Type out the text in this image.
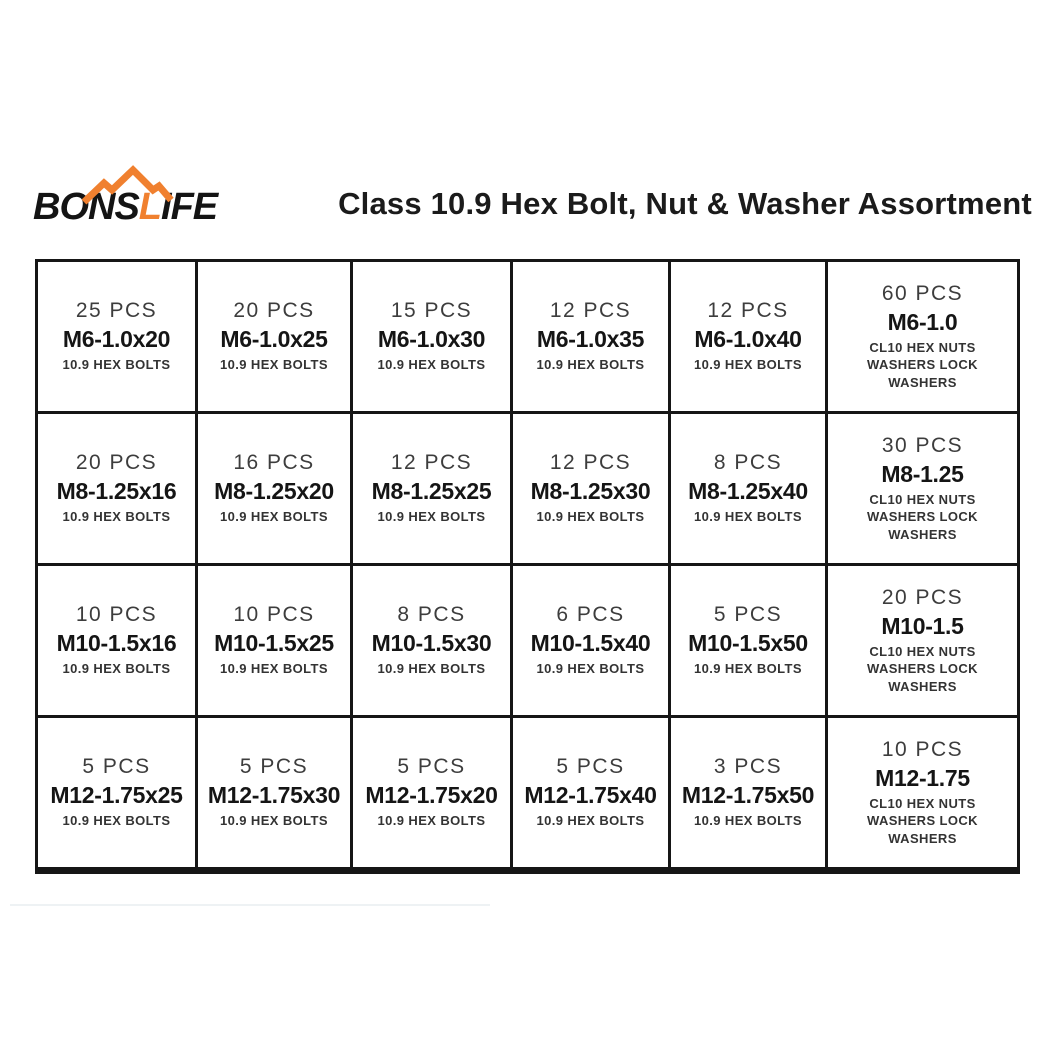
BONSLIFE	Class 10.9 Hex Bolt, Nut & Washer Assortment
25 PCS
M6-1.0x20
10.9 HEX BOLTS
20 PCS
M6-1.0x25
10.9 HEX BOLTS
15 PCS
M6-1.0x30
10.9 HEX BOLTS
12 PCS
M6-1.0x35
10.9 HEX BOLTS
12 PCS
M6-1.0x40
10.9 HEX BOLTS
60 PCS
M6-1.0
CL10 HEX NUTS WASHERS LOCK WASHERS
20 PCS
M8-1.25x16
10.9 HEX BOLTS
16 PCS
M8-1.25x20
10.9 HEX BOLTS
12 PCS
M8-1.25x25
10.9 HEX BOLTS
12 PCS
M8-1.25x30
10.9 HEX BOLTS
8 PCS
M8-1.25x40
10.9 HEX BOLTS
30 PCS
M8-1.25
CL10 HEX NUTS WASHERS LOCK WASHERS
10 PCS
M10-1.5x16
10.9 HEX BOLTS
10 PCS
M10-1.5x25
10.9 HEX BOLTS
8 PCS
M10-1.5x30
10.9 HEX BOLTS
6 PCS
M10-1.5x40
10.9 HEX BOLTS
5 PCS
M10-1.5x50
10.9 HEX BOLTS
20 PCS
M10-1.5
CL10 HEX NUTS WASHERS LOCK WASHERS
5 PCS
M12-1.75x25
10.9 HEX BOLTS
5 PCS
M12-1.75x30
10.9 HEX BOLTS
5 PCS
M12-1.75x20
10.9 HEX BOLTS
5 PCS
M12-1.75x40
10.9 HEX BOLTS
3 PCS
M12-1.75x50
10.9 HEX BOLTS
10 PCS
M12-1.75
CL10 HEX NUTS WASHERS LOCK WASHERS
